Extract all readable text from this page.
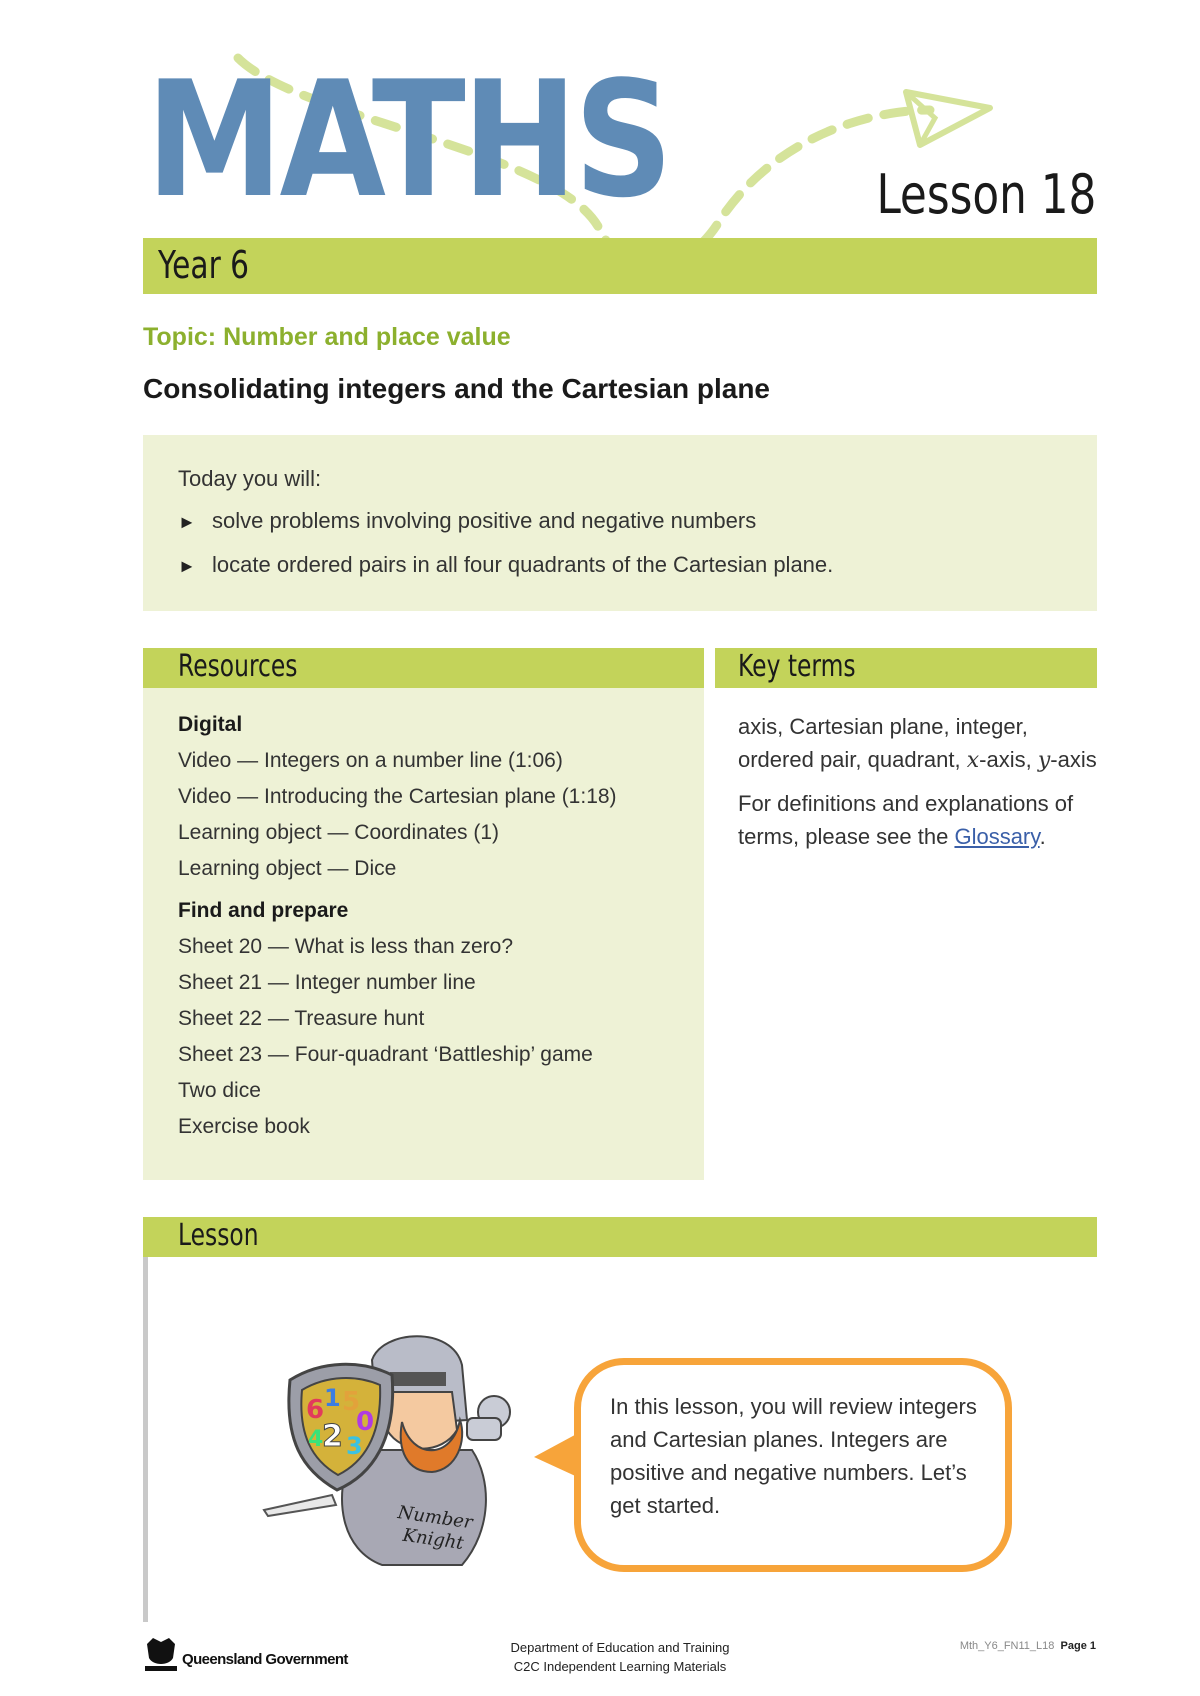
MATHS	Lesson 18
Year 6
Topic: Number and place value
Consolidating integers and the Cartesian plane
Today you will:
► solve problems involving positive and negative numbers
► locate ordered pairs in all four quadrants of the Cartesian plane.
Resources
Digital
Video — Integers on a number line (1:06)
Video — Introducing the Cartesian plane (1:18)
Learning object — Coordinates (1)
Learning object — Dice
Find and prepare
Sheet 20 — What is less than zero?
Sheet 21 — Integer number line
Sheet 22 — Treasure hunt
Sheet 23 — Four-quadrant ‘Battleship’ game
Two dice
Exercise book
Key terms

axis, Cartesian plane, integer, ordered pair, quadrant, x-axis, y-axis

For definitions and explanations of terms, please see the Glossary.

Lesson
6 1 5
0
3
2
4
Number
Knight
In this lesson, you will review integers and Cartesian planes. Integers are positive and negative numbers. Let’s get started.
Queensland Government
Department of Education and Training
C2C Independent Learning Materials
Mth_Y6_FN11_L18 Page 1
